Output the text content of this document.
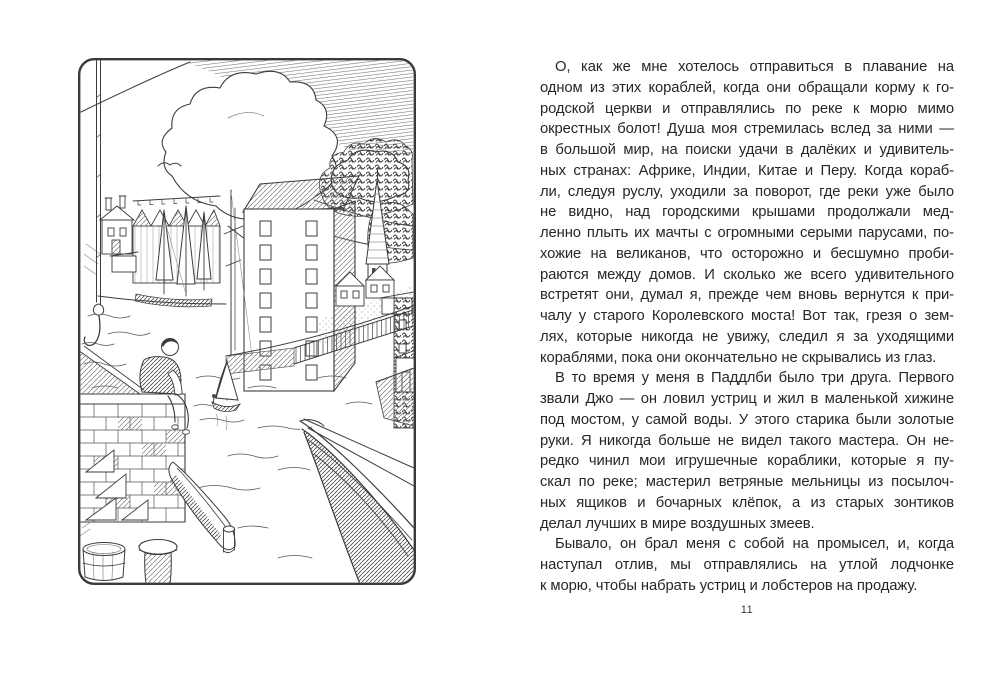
О, как же мне хотелось отправиться в плавание на
одном из этих кораблей, когда они обращали корму к го-
родской церкви и отправлялись по реке к морю мимо
окрестных болот! Душа моя стремилась вслед за ними —
в большой мир, на поиски удачи в далёких и удивитель-
ных странах: Африке, Индии, Китае и Перу. Когда кораб-
ли, следуя руслу, уходили за поворот, где реки уже было
не видно, над городскими крышами продолжали мед-
ленно плыть их мачты с огромными серыми парусами, по-
хожие на великанов, что осторожно и бесшумно проби-
раются между домов. И сколько же всего удивительного
встретят они, думал я, прежде чем вновь вернутся к при-
чалу у старого Королевского моста! Вот так, грезя о зем-
лях, которые никогда не увижу, следил я за уходящими
кораблями, пока они окончательно не скрывались из глаз.
В то время у меня в Паддлби было три друга. Первого
звали Джо — он ловил устриц и жил в маленькой хижине
под мостом, у самой воды. У этого старика были золотые
руки. Я никогда больше не видел такого мастера. Он не-
редко чинил мои игрушечные кораблики, которые я пу-
скал по реке; мастерил ветряные мельницы из посылоч-
ных ящиков и бочарных клёпок, а из старых зонтиков
делал лучших в мире воздушных змеев.
Бывало, он брал меня с собой на промысел, и, когда
наступал отлив, мы отправлялись на утлой лодчонке
к морю, чтобы набрать устриц и лобстеров на продажу.
11
